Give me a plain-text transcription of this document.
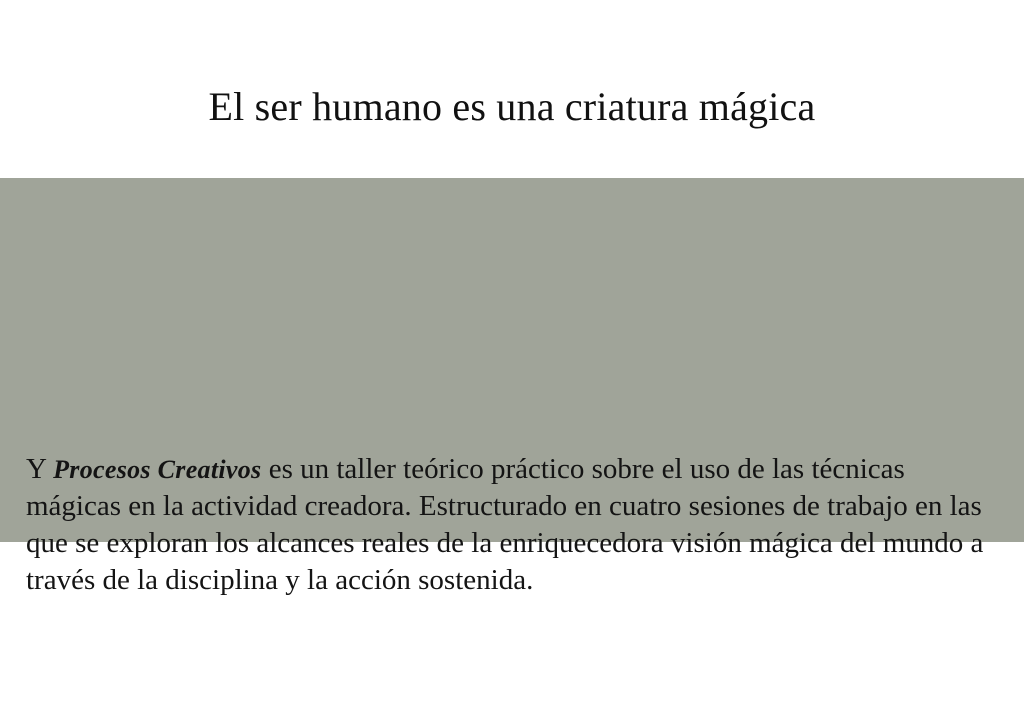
El ser humano es una criatura mágica

Y Procesos Creativos es un taller teórico práctico sobre el uso de las técnicas mágicas en la actividad creadora. Estructurado en cuatro sesiones de trabajo en las que se exploran los alcances reales de la enriquecedora visión mágica del mundo a través de la disciplina y la acción sostenida.
